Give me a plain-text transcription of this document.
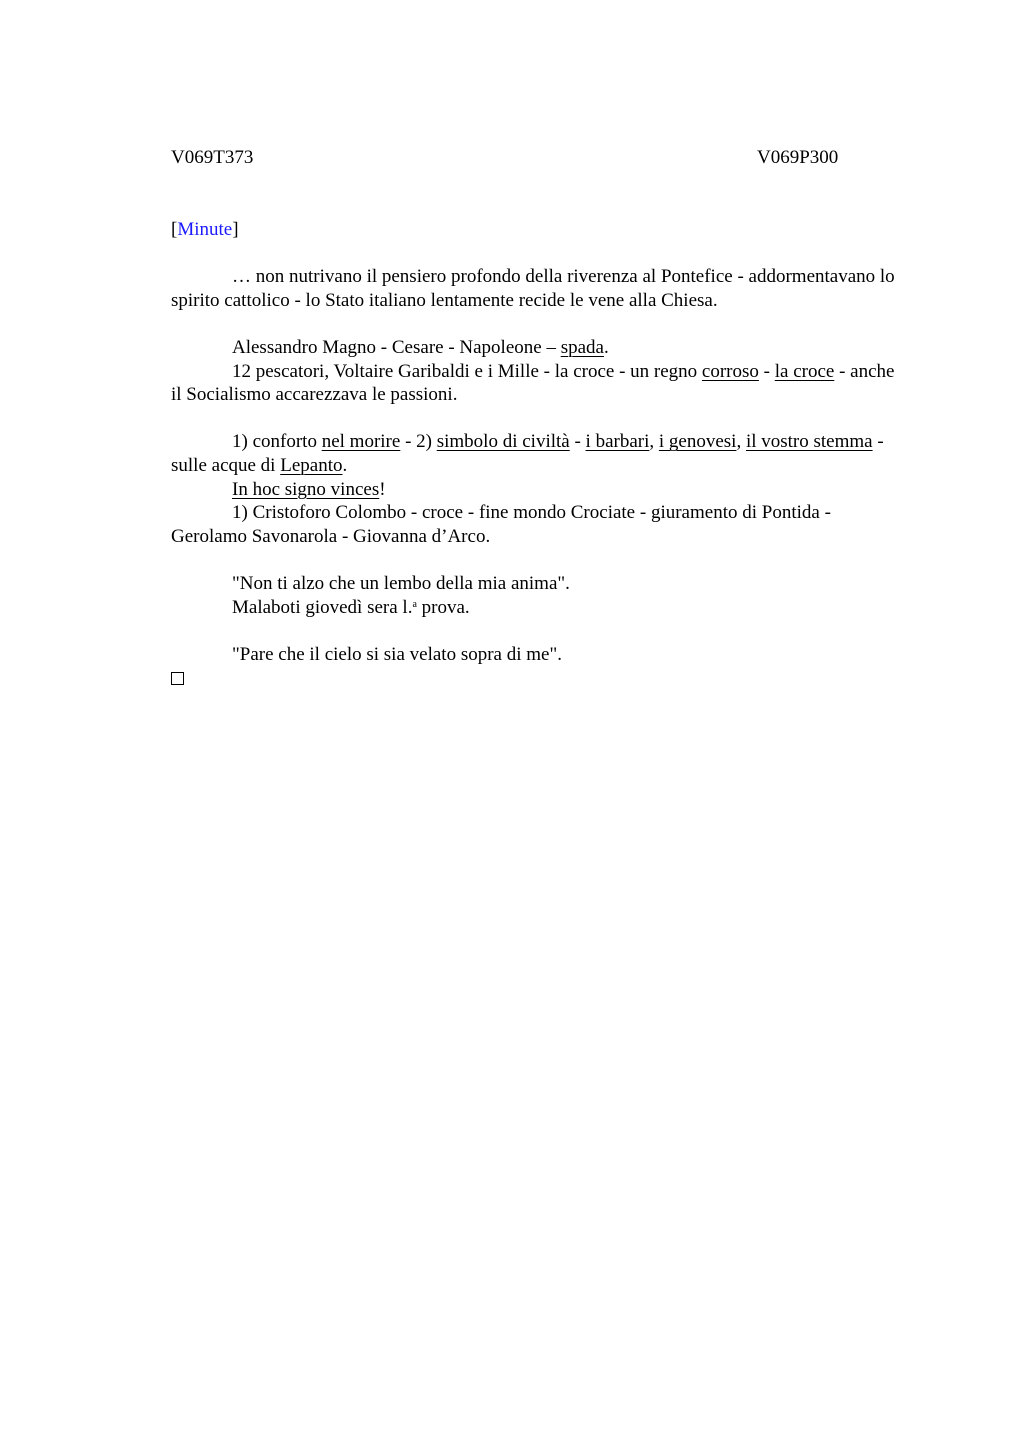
V069T373	V069P300

[Minute]

… non nutrivano il pensiero profondo della riverenza al Pontefice - addormentavano lo spirito cattolico - lo Stato italiano lentamente recide le vene alla Chiesa.

Alessandro Magno - Cesare - Napoleone – spada.

12 pescatori, Voltaire Garibaldi e i Mille - la croce - un regno corroso - la croce - anche il Socialismo accarezzava le passioni.

1) conforto nel morire - 2) simbolo di civiltà - i barbari, i genovesi, il vostro stemma - sulle acque di Lepanto.

In hoc signo vinces!

1) Cristoforo Colombo - croce - fine mondo Crociate - giuramento di Pontida - Gerolamo Savonarola - Giovanna d’Arco.

"Non ti alzo che un lembo della mia anima".

Malaboti giovedì sera l.$^a$ prova.

"Pare che il cielo si sia velato sopra di me".
